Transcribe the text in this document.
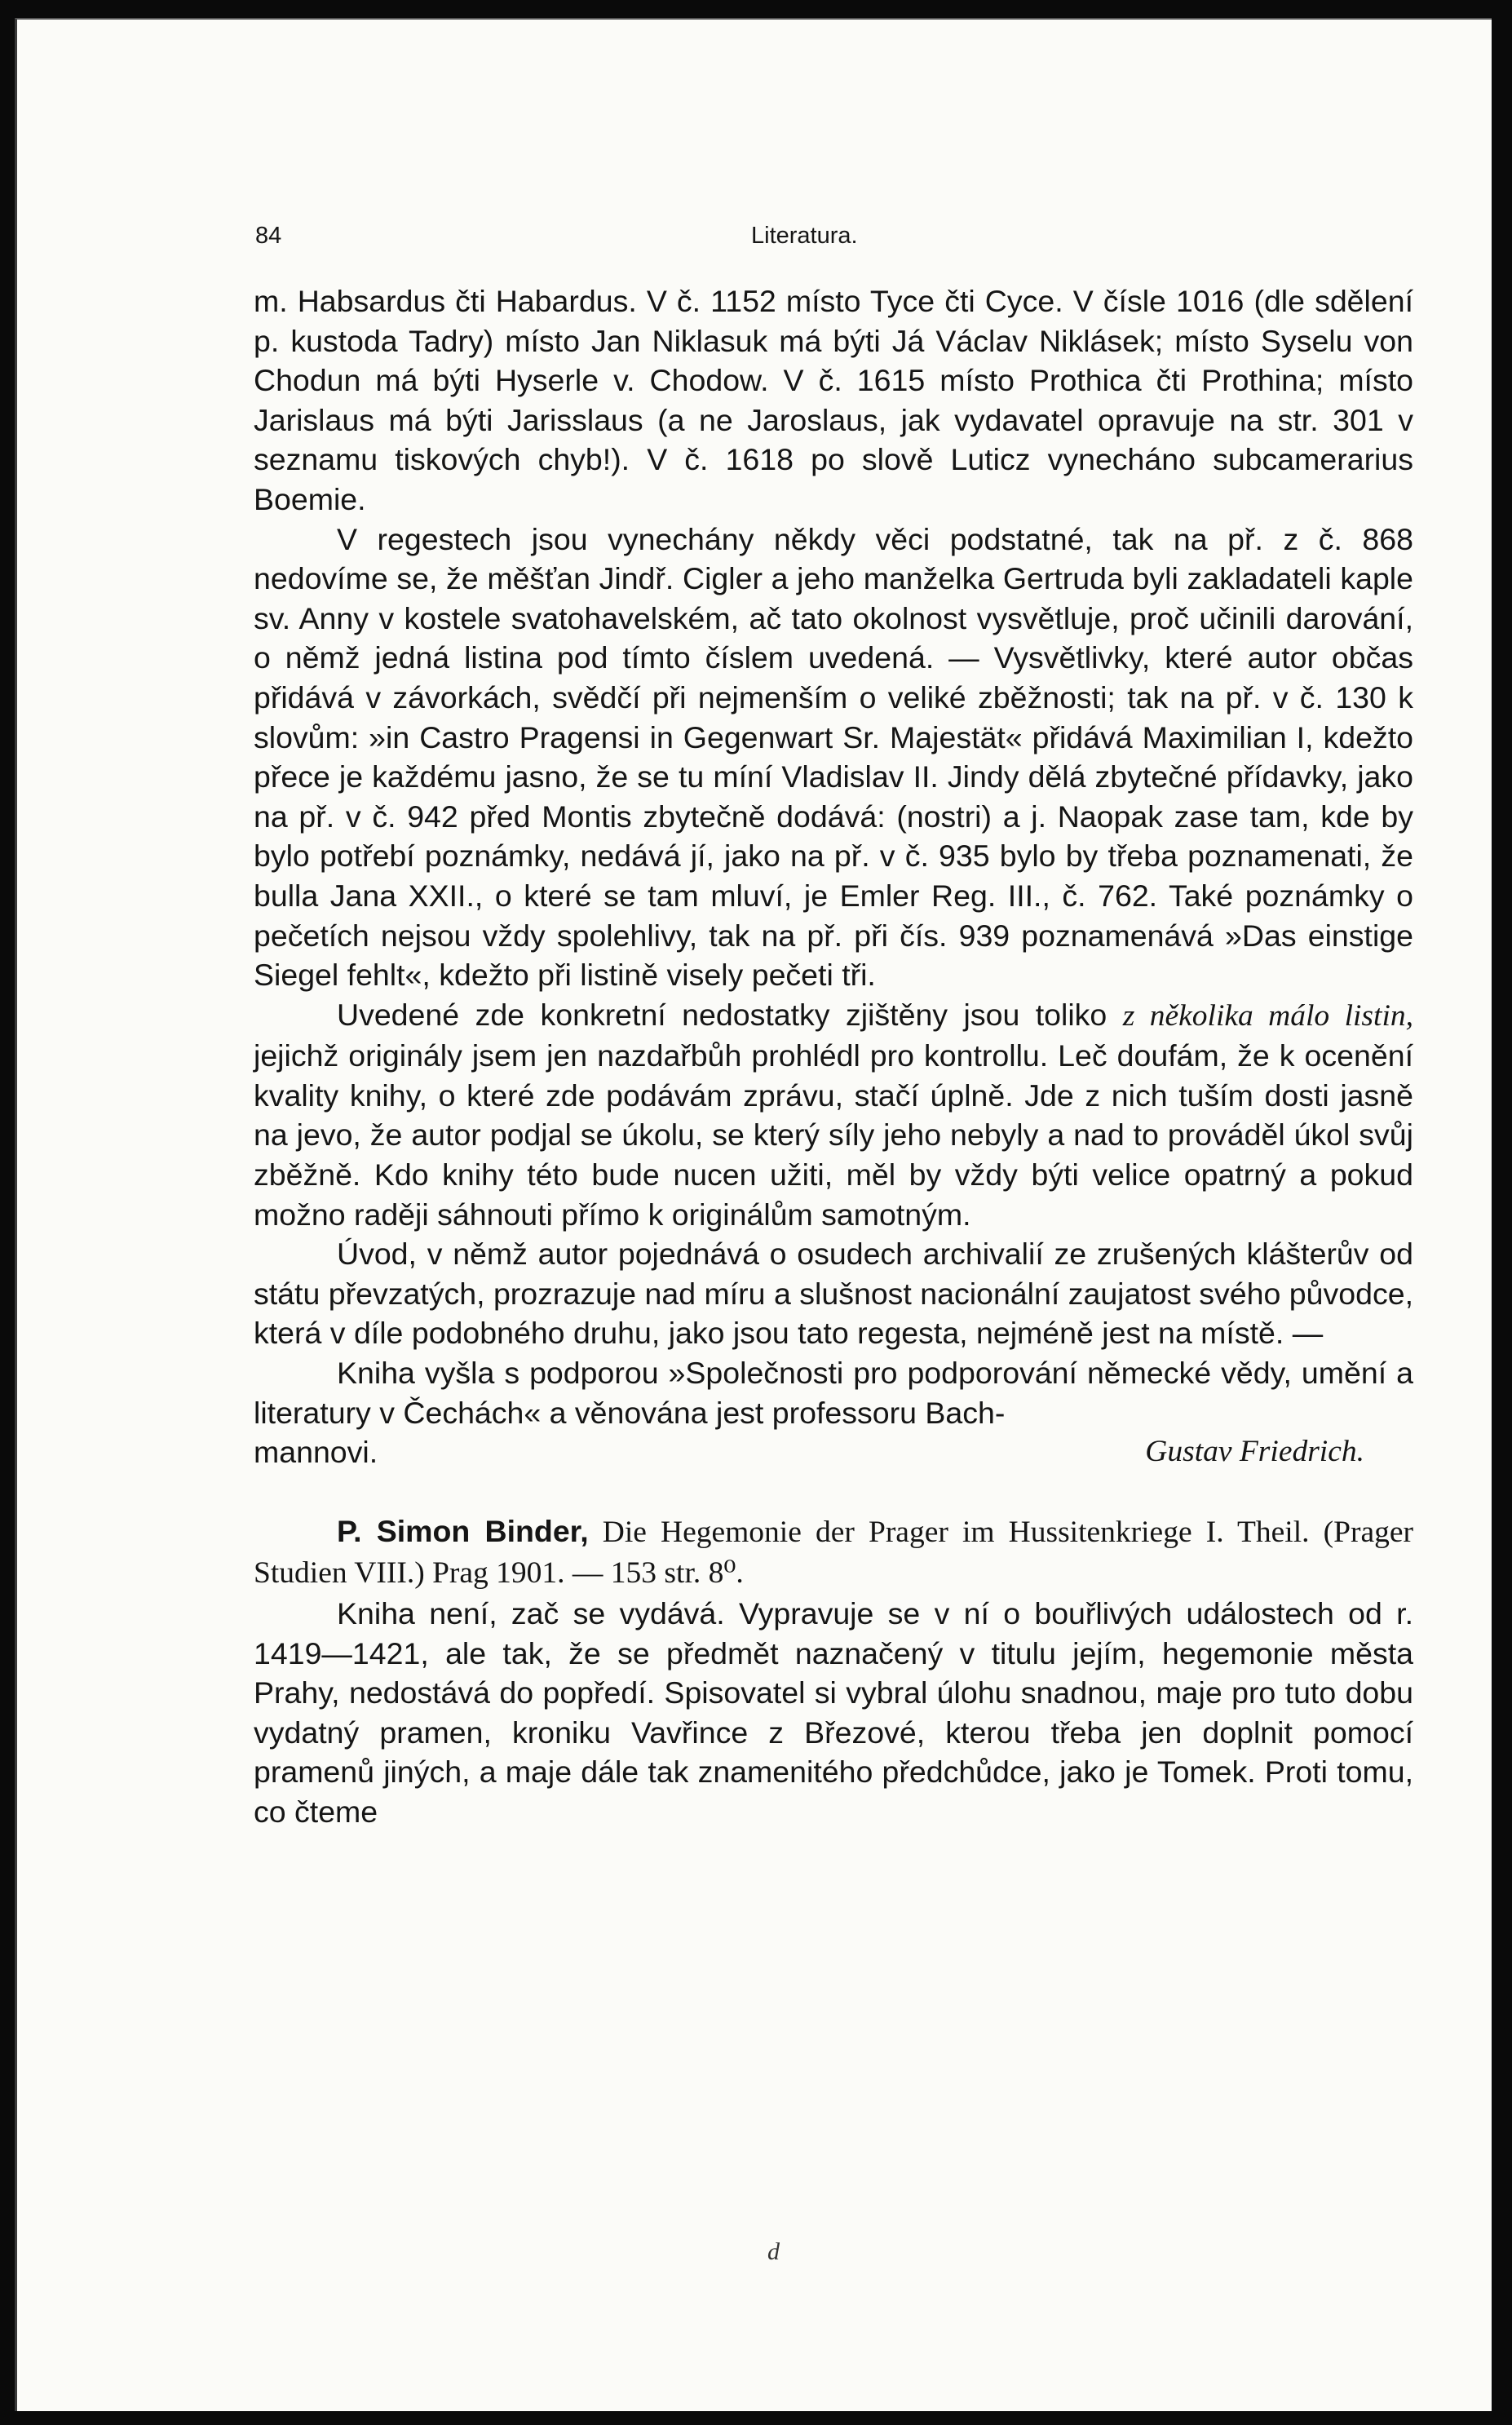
84	Literatura.

m. Habsardus čti Habardus. V č. 1152 místo Tyce čti Cyce. V čísle 1016 (dle sdělení p. kustoda Tadry) místo Jan Niklasuk má býti Já Václav Niklásek; místo Syselu von Chodun má býti Hyserle v. Chodow. V č. 1615 místo Prothica čti Prothina; místo Jarislaus má býti Jarisslaus (a ne Jaroslaus, jak vydavatel opravuje na str. 301 v seznamu tiskových chyb!). V č. 1618 po slově Luticz vynecháno subcamerarius Boemie.

V regestech jsou vynechány někdy věci podstatné, tak na př. z č. 868 nedovíme se, že měšťan Jindř. Cigler a jeho manželka Gertruda byli zakladateli kaple sv. Anny v kostele svatohavelském, ač tato okolnost vysvětluje, proč učinili darování, o němž jedná listina pod tímto číslem uvedená. — Vysvětlivky, které autor občas přidává v závorkách, svědčí při nejmenším o veliké zběžnosti; tak na př. v č. 130 k slovům: »in Castro Pragensi in Gegenwart Sr. Majestät« přidává Maximilian I, kdežto přece je každému jasno, že se tu míní Vladislav II. Jindy dělá zbytečné přídavky, jako na př. v č. 942 před Montis zbytečně dodává: (nostri) a j. Naopak zase tam, kde by bylo potřebí poznámky, nedává jí, jako na př. v č. 935 bylo by třeba poznamenati, že bulla Jana XXII., o které se tam mluví, je Emler Reg. III., č. 762. Také poznámky o pečetích nejsou vždy spolehlivy, tak na př. při čís. 939 poznamenává »Das einstige Siegel fehlt«, kdežto při listině visely pečeti tři.

Uvedené zde konkretní nedostatky zjištěny jsou toliko z několika málo listin, jejichž originály jsem jen nazdařbůh prohlédl pro kontrollu. Leč doufám, že k ocenění kvality knihy, o které zde podávám zprávu, stačí úplně. Jde z nich tuším dosti jasně na jevo, že autor podjal se úkolu, se který síly jeho nebyly a nad to prováděl úkol svůj zběžně. Kdo knihy této bude nucen užiti, měl by vždy býti velice opatrný a pokud možno raději sáhnouti přímo k originálům samotným.

Úvod, v němž autor pojednává o osudech archivalií ze zrušených klášterův od státu převzatých, prozrazuje nad míru a slušnost nacionální zaujatost svého původce, která v díle podobného druhu, jako jsou tato regesta, nejméně jest na místě. —

Kniha vyšla s podporou »Společnosti pro podporování německé vědy, umění a literatury v Čechách« a věnována jest professoru Bach-

mannovi.	Gustav Friedrich.

P. Simon Binder, Die Hegemonie der Prager im Hussitenkriege I. Theil. (Prager Studien VIII.) Prag 1901. — 153 str. 8⁰.

Kniha není, zač se vydává. Vypravuje se v ní o bouřlivých událostech od r. 1419—1421, ale tak, že se předmět naznačený v titulu jejím, hegemonie města Prahy, nedostává do popředí. Spisovatel si vybral úlohu snadnou, maje pro tuto dobu vydatný pramen, kroniku Vavřince z Březové, kterou třeba jen doplnit pomocí pramenů jiných, a maje dále tak znamenitého předchůdce, jako je Tomek. Proti tomu, co čteme

d
